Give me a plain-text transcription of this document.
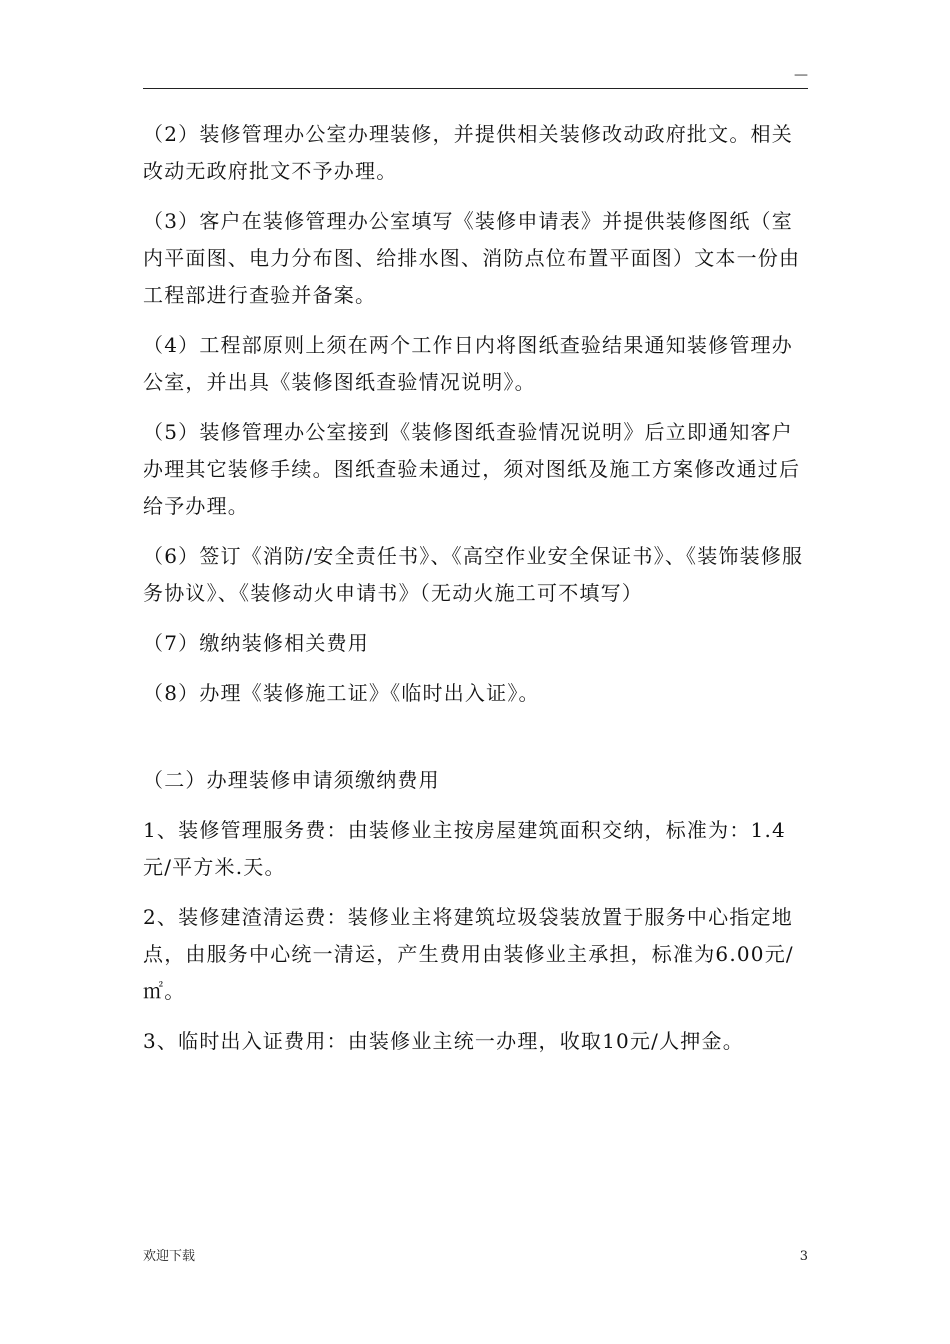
—

（2）装修管理办公室办理装修，并提供相关装修改动政府批文。相关改动无政府批文不予办理。

（3）客户在装修管理办公室填写《装修申请表》并提供装修图纸（室内平面图、电力分布图、给排水图、消防点位布置平面图）文本一份由工程部进行查验并备案。

（4）工程部原则上须在两个工作日内将图纸查验结果通知装修管理办公室，并出具《装修图纸查验情况说明》。

（5）装修管理办公室接到《装修图纸查验情况说明》后立即通知客户办理其它装修手续。图纸查验未通过，须对图纸及施工方案修改通过后给予办理。

（6）签订《消防/安全责任书》、《高空作业安全保证书》、《装饰装修服务协议》、《装修动火申请书》（无动火施工可不填写）

（7）缴纳装修相关费用

（8）办理《装修施工证》《临时出入证》。

（二）办理装修申请须缴纳费用

1、装修管理服务费：由装修业主按房屋建筑面积交纳，标准为：1.4元/平方米.天。

2、装修建渣清运费：装修业主将建筑垃圾袋装放置于服务中心指定地点，由服务中心统一清运，产生费用由装修业主承担，标准为6.00元/㎡。

3、临时出入证费用：由装修业主统一办理，收取10元/人押金。

欢迎下载	3
